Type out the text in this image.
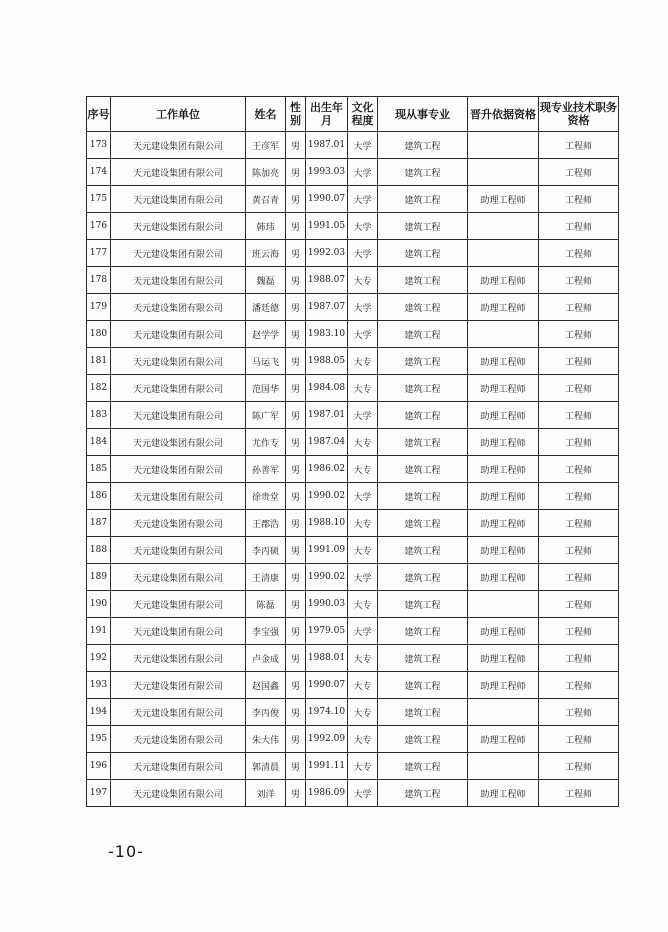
序号	工作单位	姓名	性别	出生年月	文化程度	现从事专业	晋升依据资格	现专业技术职务资格
173	天元建设集团有限公司	王彦军	男	1987.01	大学	建筑工程		工程师
174	天元建设集团有限公司	陈加亮	男	1993.03	大学	建筑工程		工程师
175	天元建设集团有限公司	黄召青	男	1990.07	大学	建筑工程	助理工程师	工程师
176	天元建设集团有限公司	韩玮	男	1991.05	大学	建筑工程		工程师
177	天元建设集团有限公司	班云海	男	1992.03	大学	建筑工程		工程师
178	天元建设集团有限公司	魏磊	男	1988.07	大专	建筑工程	助理工程师	工程师
179	天元建设集团有限公司	潘廷德	男	1987.07	大学	建筑工程	助理工程师	工程师
180	天元建设集团有限公司	赵学学	男	1983.10	大学	建筑工程		工程师
181	天元建设集团有限公司	马运飞	男	1988.05	大专	建筑工程	助理工程师	工程师
182	天元建设集团有限公司	范国华	男	1984.08	大专	建筑工程	助理工程师	工程师
183	天元建设集团有限公司	陈广军	男	1987.01	大学	建筑工程	助理工程师	工程师
184	天元建设集团有限公司	尤作专	男	1987.04	大专	建筑工程	助理工程师	工程师
185	天元建设集团有限公司	孙善军	男	1986.02	大专	建筑工程	助理工程师	工程师
186	天元建设集团有限公司	徐贵堂	男	1990.02	大学	建筑工程	助理工程师	工程师
187	天元建设集团有限公司	王郡浩	男	1988.10	大专	建筑工程	助理工程师	工程师
188	天元建设集团有限公司	李丙硕	男	1991.09	大专	建筑工程	助理工程师	工程师
189	天元建设集团有限公司	王清康	男	1990.02	大学	建筑工程	助理工程师	工程师
190	天元建设集团有限公司	陈磊	男	1990.03	大专	建筑工程		工程师
191	天元建设集团有限公司	李宝强	男	1979.05	大学	建筑工程	助理工程师	工程师
192	天元建设集团有限公司	卢金成	男	1988.01	大专	建筑工程	助理工程师	工程师
193	天元建设集团有限公司	赵国鑫	男	1990.07	大专	建筑工程	助理工程师	工程师
194	天元建设集团有限公司	李丙俊	男	1974.10	大专	建筑工程		工程师
195	天元建设集团有限公司	朱大伟	男	1992.09	大专	建筑工程	助理工程师	工程师
196	天元建设集团有限公司	郭清晨	男	1991.11	大专	建筑工程		工程师
197	天元建设集团有限公司	刘洋	男	1986.09	大学	建筑工程	助理工程师	工程师
-10-
